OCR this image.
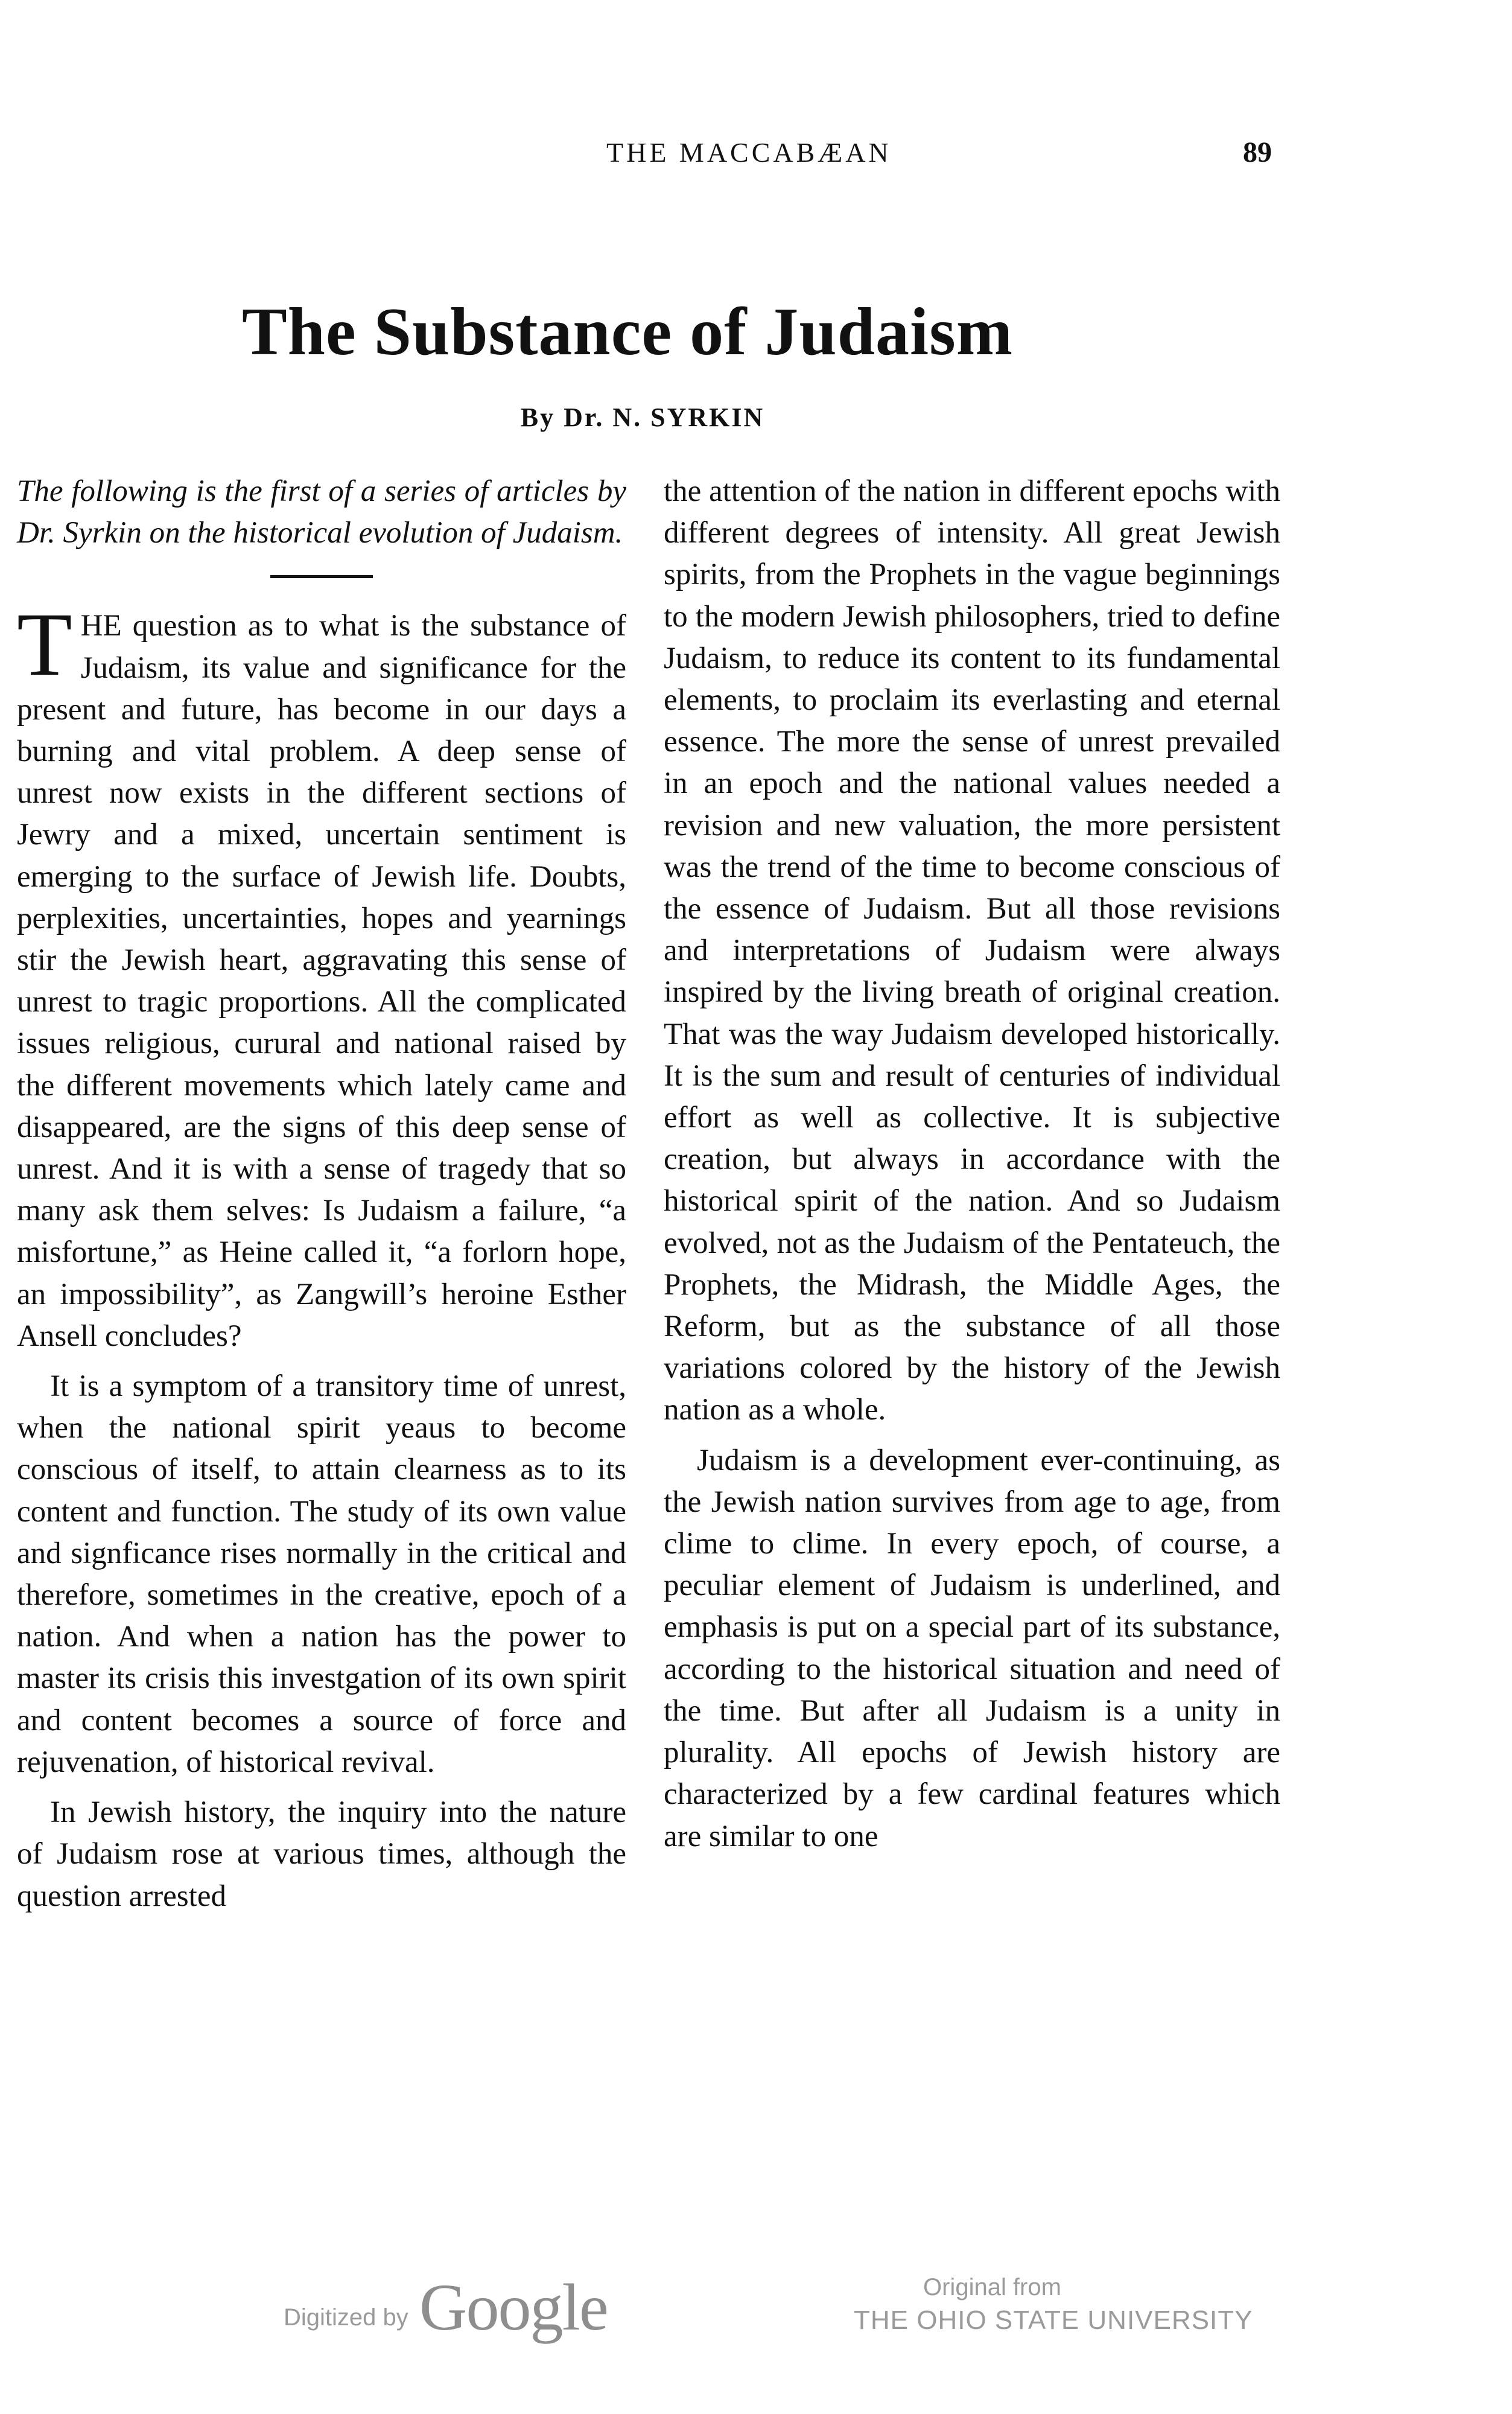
THE MACCABÆAN	89
The Substance of Judaism
By Dr. N. SYRKIN

The following is the first of a series of articles by Dr. Syrkin on the historical evolution of Judaism.

THE question as to what is the substance of Judaism, its value and significance for the present and future, has become in our days a burning and vital problem. A deep sense of unrest now exists in the different sections of Jewry and a mixed, uncertain sentiment is emerging to the surface of Jewish life. Doubts, perplexities, uncertainties, hopes and yearnings stir the Jewish heart, aggravating this sense of unrest to tragic proportions. All the complicated issues religious, curural and national raised by the different movements which lately came and disappeared, are the signs of this deep sense of unrest. And it is with a sense of tragedy that so many ask them selves: Is Judaism a failure, “a misfortune,” as Heine called it, “a forlorn hope, an impossibility”, as Zangwill’s heroine Esther Ansell concludes?

It is a symptom of a transitory time of unrest, when the national spirit yeaus to become conscious of itself, to attain clearness as to its content and function. The study of its own value and signficance rises normally in the critical and therefore, sometimes in the creative, epoch of a nation. And when a nation has the power to master its crisis this investgation of its own spirit and content becomes a source of force and rejuvenation, of historical revival.

In Jewish history, the inquiry into the nature of Judaism rose at various times, although the question arrested

the attention of the nation in different epochs with different degrees of intensity. All great Jewish spirits, from the Prophets in the vague beginnings to the modern Jewish philosophers, tried to define Judaism, to reduce its content to its fundamental elements, to proclaim its everlasting and eternal essence. The more the sense of unrest prevailed in an epoch and the national values needed a revision and new valuation, the more persistent was the trend of the time to become conscious of the essence of Judaism. But all those revisions and interpretations of Judaism were always inspired by the living breath of original creation. That was the way Judaism developed historically. It is the sum and result of centuries of individual effort as well as collective. It is subjective creation, but always in accordance with the historical spirit of the nation. And so Judaism evolved, not as the Judaism of the Pentateuch, the Prophets, the Midrash, the Middle Ages, the Reform, but as the substance of all those variations colored by the history of the Jewish nation as a whole.

Judaism is a development ever-continuing, as the Jewish nation survives from age to age, from clime to clime. In every epoch, of course, a peculiar element of Judaism is underlined, and emphasis is put on a special part of its substance, according to the historical situation and need of the time. But after all Judaism is a unity in plurality. All epochs of Jewish history are characterized by a few cardinal features which are similar to one

Digitized by Google	Original from
THE OHIO STATE UNIVERSITY
